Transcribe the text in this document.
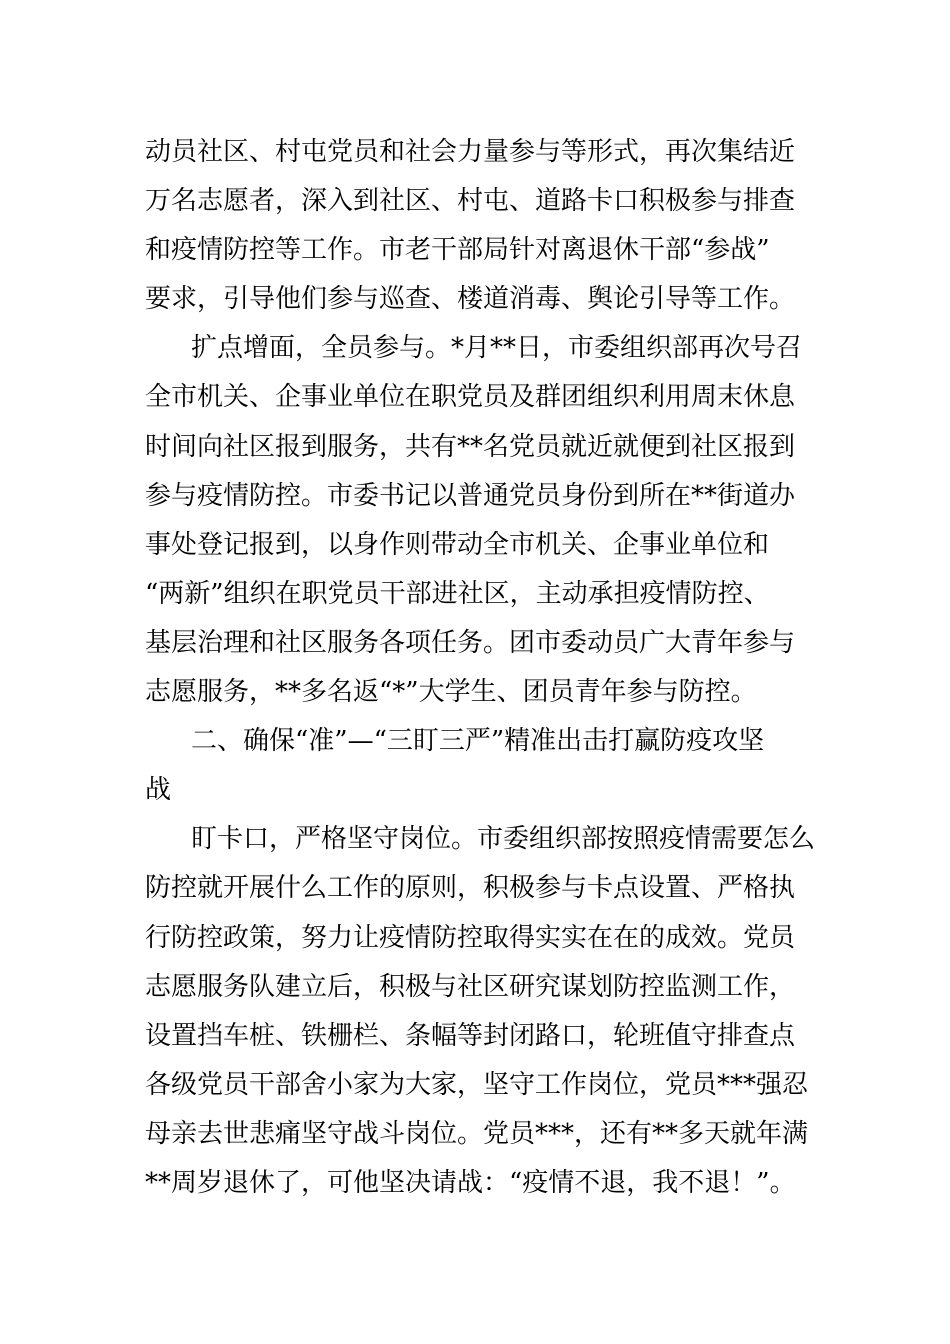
动员社区、村屯党员和社会力量参与等形式，再次集结近
万名志愿者，深入到社区、村屯、道路卡口积极参与排查
和疫情防控等工作。市老干部局针对离退休干部“参战”
要求，引导他们参与巡查、楼道消毒、舆论引导等工作。
扩点增面，全员参与。*月**日，市委组织部再次号召
全市机关、企事业单位在职党员及群团组织利用周末休息
时间向社区报到服务，共有**名党员就近就便到社区报到
参与疫情防控。市委书记以普通党员身份到所在**街道办
事处登记报到，以身作则带动全市机关、企事业单位和
“两新”组织在职党员干部进社区，主动承担疫情防控、
基层治理和社区服务各项任务。团市委动员广大青年参与
志愿服务，**多名返“*”大学生、团员青年参与防控。
二、确保“准”—“三盯三严”精准出击打赢防疫攻坚
战
盯卡口，严格坚守岗位。市委组织部按照疫情需要怎么
防控就开展什么工作的原则，积极参与卡点设置、严格执
行防控政策，努力让疫情防控取得实实在在的成效。党员
志愿服务队建立后，积极与社区研究谋划防控监测工作，
设置挡车桩、铁栅栏、条幅等封闭路口，轮班值守排查点
各级党员干部舍小家为大家，坚守工作岗位，党员***强忍
母亲去世悲痛坚守战斗岗位。党员***，还有**多天就年满
**周岁退休了，可他坚决请战：“疫情不退，我不退！”。
